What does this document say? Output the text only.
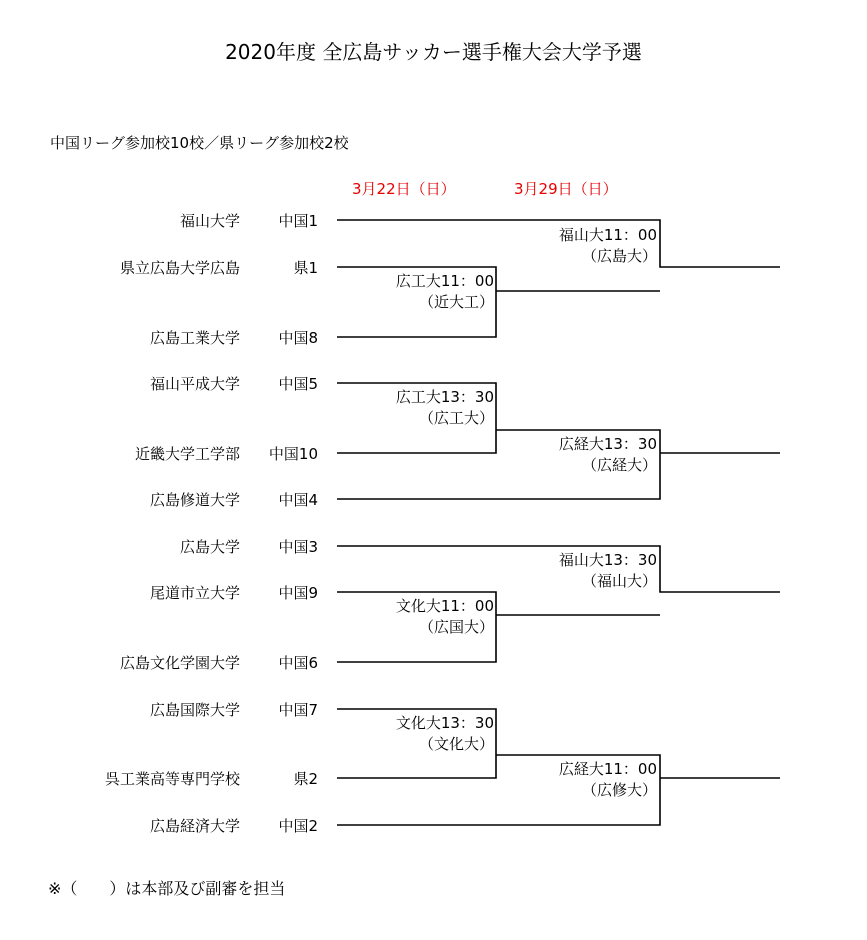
2020年度 全広島サッカー選手権大会大学予選
中国リーグ参加校10校／県リーグ参加校2校
3月22日（日）	3月29日（日）
福山大学	中国1
県立広島大学広島	県1
広島工業大学	中国8
福山平成大学	中国5
近畿大学工学部	中国10
広島修道大学	中国4
広島大学	中国3
尾道市立大学	中国9
広島文化学園大学	中国6
広島国際大学	中国7
呉工業高等専門学校	県2
広島経済大学	中国2
広工大11：00
（近大工）
広工大13：30
（広工大）
文化大11：00
（広国大）
文化大13：30
（文化大）
福山大11：00
（広島大）
広経大13：30
（広経大）
福山大13：30
（福山大）
広経大11：00
（広修大）
※（　　）は本部及び副審を担当
